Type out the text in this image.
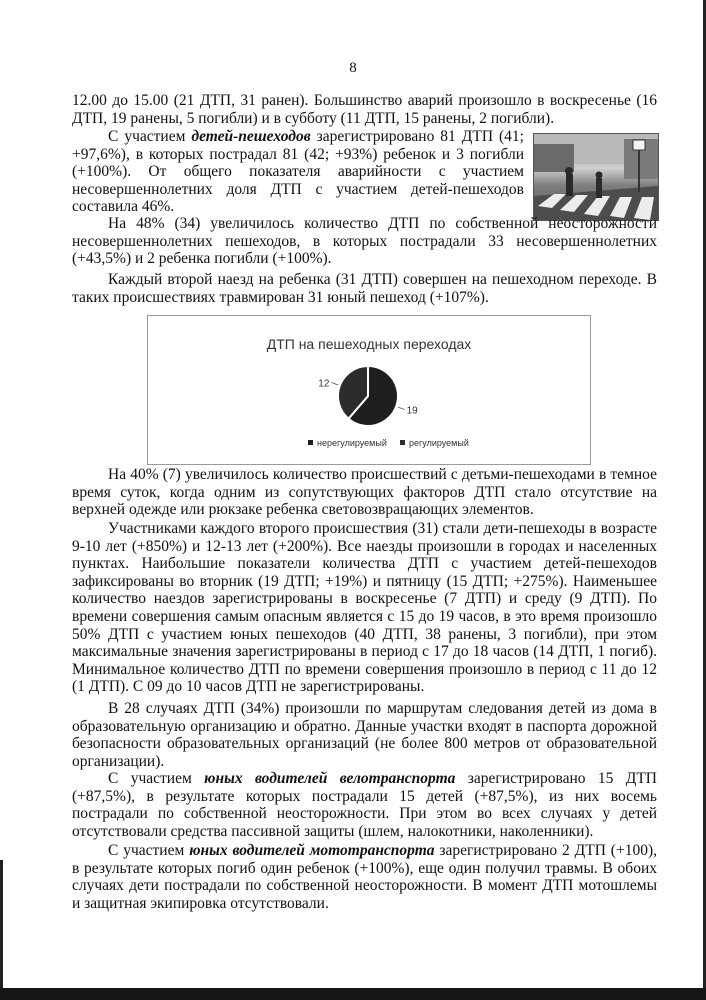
8
12.00 до 15.00 (21 ДТП, 31 ранен). Большинство аварий произошло в воскресенье (16 ДТП, 19 ранены, 5 погибли) и в субботу (11 ДТП, 15 ранены, 2 погибли).
С участием детей-пешеходов зарегистрировано 81 ДТП (41; +97,6%), в которых пострадал 81 (42; +93%) ребенок и 3 погибли (+100%). От общего показателя аварийности с участием несовершеннолетних доля ДТП с участием детей-пешеходов составила 46%.
На 48% (34) увеличилось количество ДТП по собственной неосторожности несовершеннолетних пешеходов, в которых пострадали 33 несовершеннолетних (+43,5%) и 2 ребенка погибли (+100%).
Каждый второй наезд на ребенка (31 ДТП) совершен на пешеходном переходе. В таких происшествиях травмирован 31 юный пешеход (+107%).
ДТП на пешеходных переходах
19
12
нерегулируемый регулируемый
На 40% (7) увеличилось количество происшествий с детьми-пешеходами в темное время суток, когда одним из сопутствующих факторов ДТП стало отсутствие на верхней одежде или рюкзаке ребенка световозвращающих элементов.
Участниками каждого второго происшествия (31) стали дети-пешеходы в возрасте 9-10 лет (+850%) и 12-13 лет (+200%). Все наезды произошли в городах и населенных пунктах. Наибольшие показатели количества ДТП с участием детей-пешеходов зафиксированы во вторник (19 ДТП; +19%) и пятницу (15 ДТП; +275%). Наименьшее количество наездов зарегистрированы в воскресенье (7 ДТП) и среду (9 ДТП). По времени совершения самым опасным является с 15 до 19 часов, в это время произошло 50% ДТП с участием юных пешеходов (40 ДТП, 38 ранены, 3 погибли), при этом максимальные значения зарегистрированы в период с 17 до 18 часов (14 ДТП, 1 погиб). Минимальное количество ДТП по времени совершения произошло в период с 11 до 12 (1 ДТП). С 09 до 10 часов ДТП не зарегистрированы.
В 28 случаях ДТП (34%) произошли по маршрутам следования детей из дома в образовательную организацию и обратно. Данные участки входят в паспорта дорожной безопасности образовательных организаций (не более 800 метров от образовательной организации).
С участием юных водителей велотранспорта зарегистрировано 15 ДТП (+87,5%), в результате которых пострадали 15 детей (+87,5%), из них восемь пострадали по собственной неосторожности. При этом во всех случаях у детей отсутствовали средства пассивной защиты (шлем, налокотники, наколенники).
С участием юных водителей мототранспорта зарегистрировано 2 ДТП (+100), в результате которых погиб один ребенок (+100%), еще один получил травмы. В обоих случаях дети пострадали по собственной неосторожности. В момент ДТП мотошлемы и защитная экипировка отсутствовали.
